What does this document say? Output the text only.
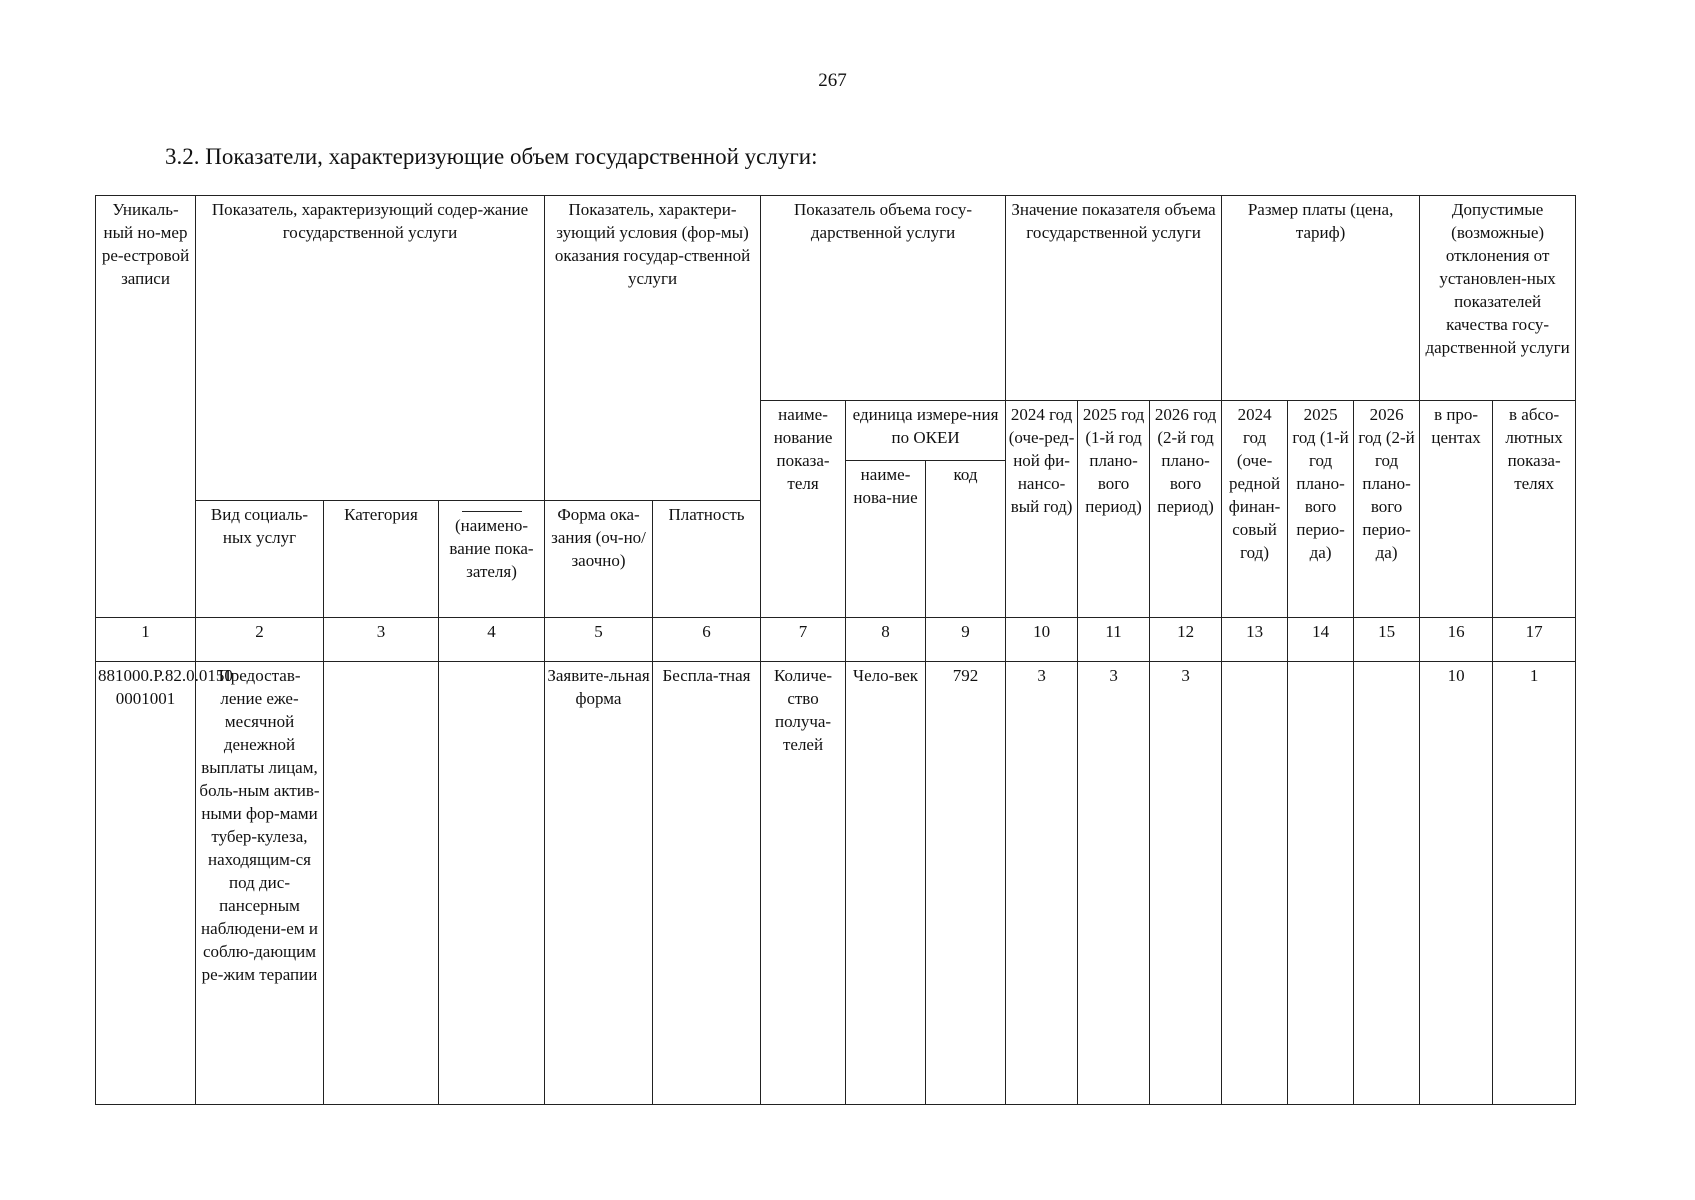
267
3.2. Показатели, характеризующие объем государственной услуги:
Уникаль-ный но-мер ре-естровой записи	Показатель, характеризующий содер-жание государственной услуги			Показатель, характери-зующий условия (фор-мы) оказания государ-ственной услуги		Показатель объема госу-дарственной услуги			Значение показателя объема государственной услуги			Размер платы (цена, тариф)			Допустимые (возможные) отклонения от установлен-ных показателей качества госу-дарственной услуги	
						наиме-нование показа-теля	единица измере-ния по ОКЕИ		2024 год (оче-ред-ной фи-нансо-вый год)	2025 год (1-й год плано-вого период)	2026 год (2-й год плано-вого период)	2024 год (оче-редной финан-совый год)	2025 год (1-й год плано-вого перио-да)	2026 год (2-й год плано-вого перио-да)	в про-центах	в абсо-лютных показа-телях
							наиме-нова-ние	код								
	Вид социаль-ных услуг	Категория	(наимено-вание пока-зателя)	Форма ока-зания (оч-но/заочно)	Платность											
1	2	3	4	5	6	7	8	9	10	11	12	13	14	15	16	17
881000.Р.82.0.0150 0001001	Предостав-ление еже-месячной денежной выплаты лицам, боль-ным актив-ными фор-мами тубер-кулеза, находящим-ся под дис-пансерным наблюдени-ем и соблю-дающим ре-жим терапии			Заявите-льная форма	Беспла-тная	Количе-ство получа-телей	Чело-век	792	3	3	3				10	1
